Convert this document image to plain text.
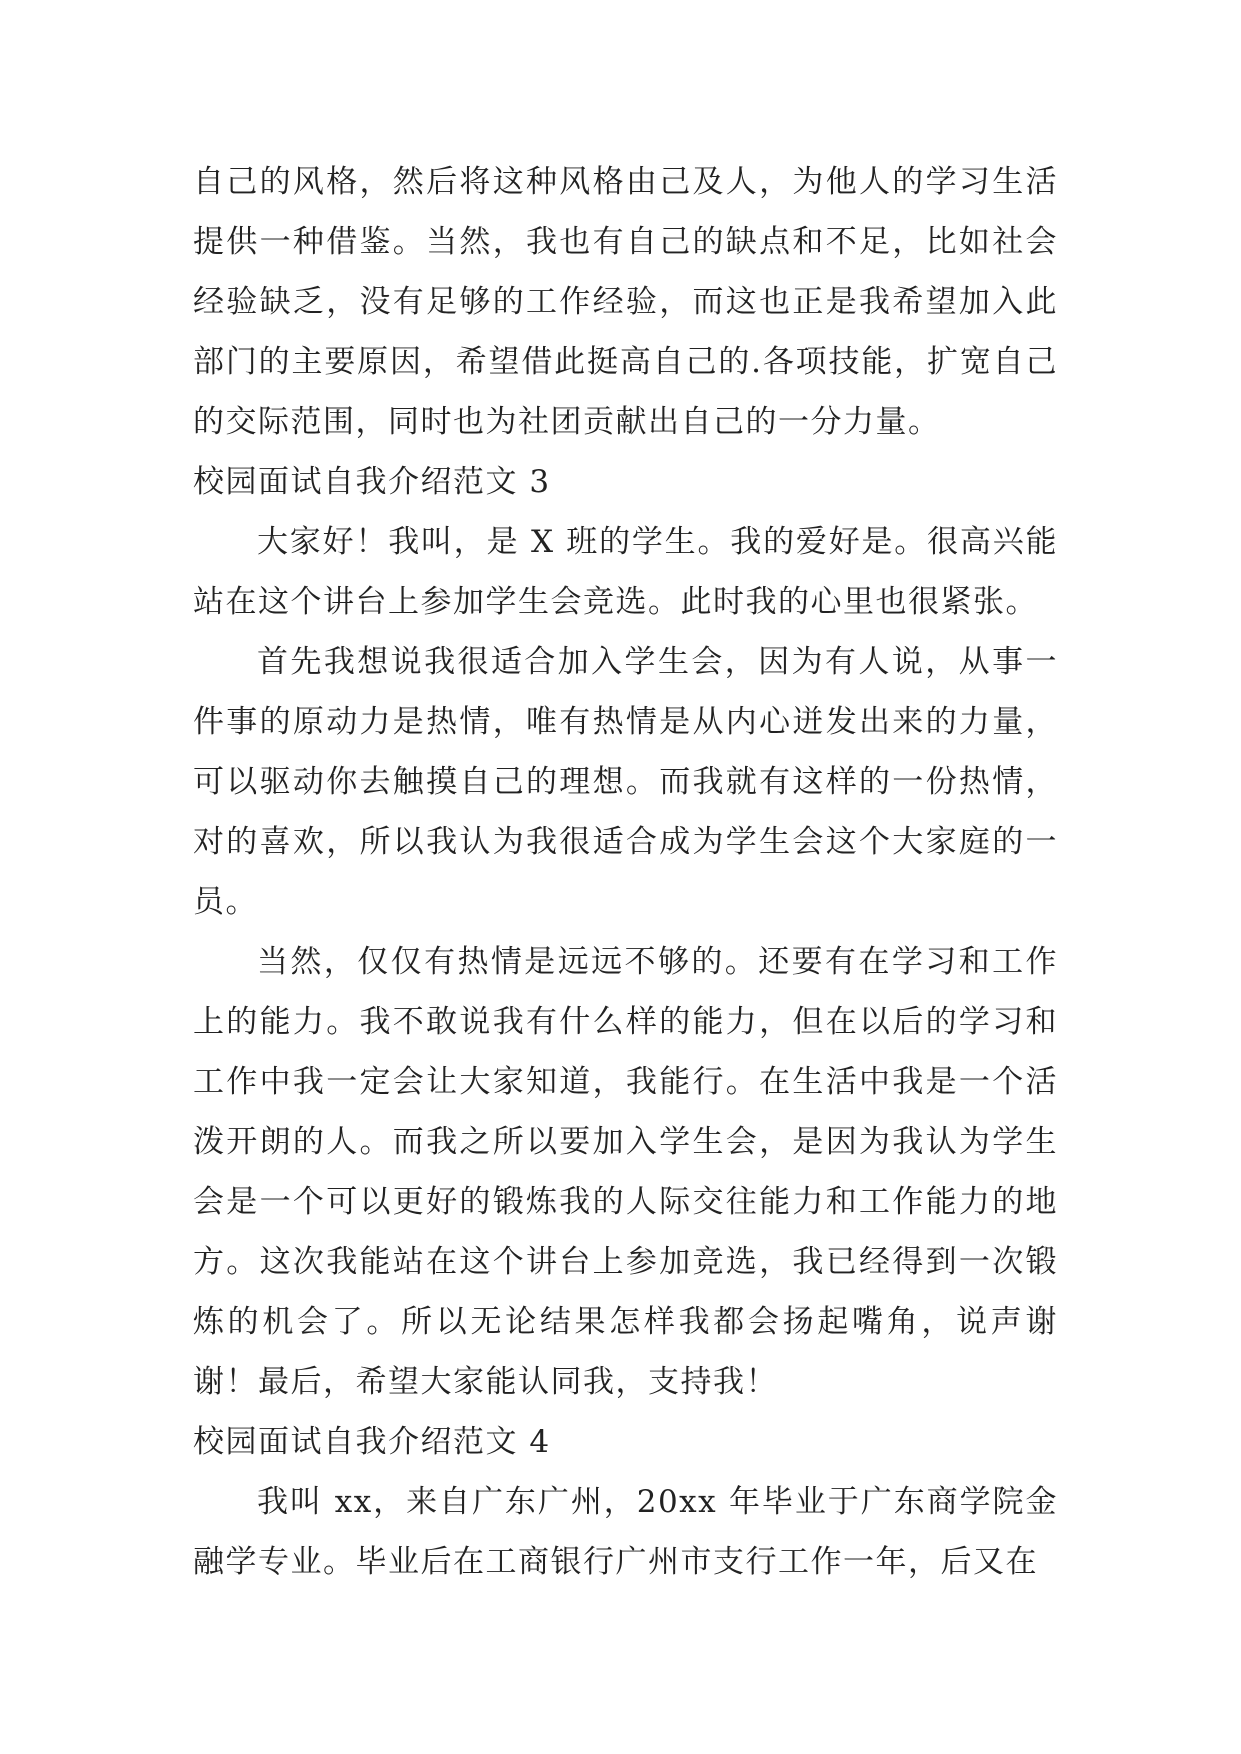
自己的风格，然后将这种风格由己及人，为他人的学习生活提供一种借鉴。当然，我也有自己的缺点和不足，比如社会经验缺乏，没有足够的工作经验，而这也正是我希望加入此部门的主要原因，希望借此挺高自己的.各项技能，扩宽自己的交际范围，同时也为社团贡献出自己的一分力量。

校园面试自我介绍范文 3

大家好！我叫，是 X 班的学生。我的爱好是。很高兴能站在这个讲台上参加学生会竞选。此时我的心里也很紧张。

首先我想说我很适合加入学生会，因为有人说，从事一件事的原动力是热情，唯有热情是从内心迸发出来的力量，可以驱动你去触摸自己的理想。而我就有这样的一份热情，对的喜欢，所以我认为我很适合成为学生会这个大家庭的一员。

当然，仅仅有热情是远远不够的。还要有在学习和工作上的能力。我不敢说我有什么样的能力，但在以后的学习和工作中我一定会让大家知道，我能行。在生活中我是一个活泼开朗的人。而我之所以要加入学生会，是因为我认为学生会是一个可以更好的锻炼我的人际交往能力和工作能力的地方。这次我能站在这个讲台上参加竞选，我已经得到一次锻炼的机会了。所以无论结果怎样我都会扬起嘴角，说声谢谢！最后，希望大家能认同我，支持我！

校园面试自我介绍范文 4

我叫 xx，来自广东广州，20xx 年毕业于广东商学院金融学专业。毕业后在工商银行广州市支行工作一年，后又在
